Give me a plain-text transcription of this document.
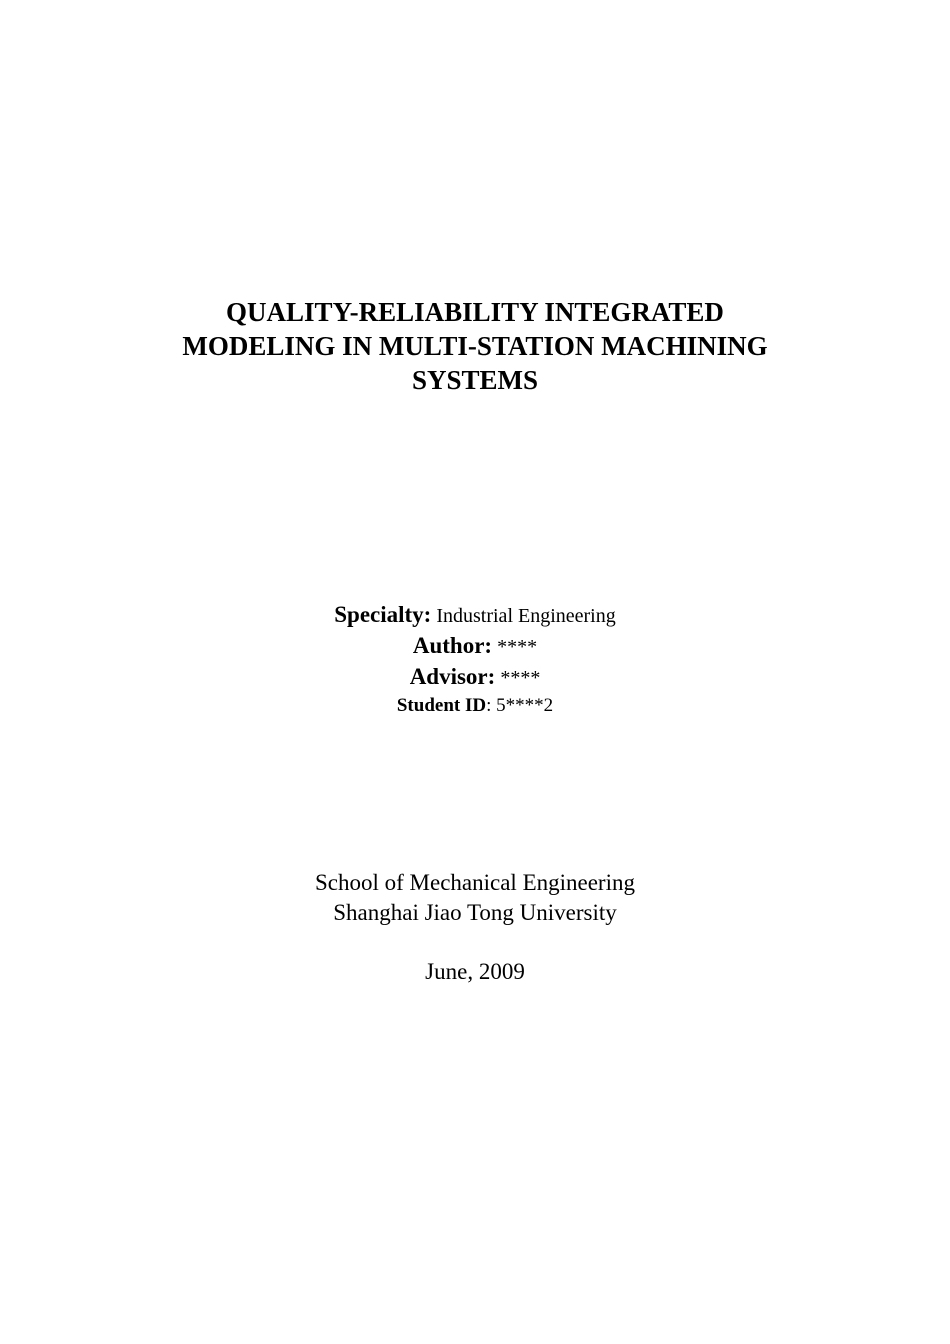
QUALITY-RELIABILITY INTEGRATED
MODELING IN MULTI-STATION MACHINING
SYSTEMS
Specialty: Industrial Engineering
Author: ****
Advisor: ****
Student ID: 5****2
School of Mechanical Engineering
Shanghai Jiao Tong University
June, 2009
